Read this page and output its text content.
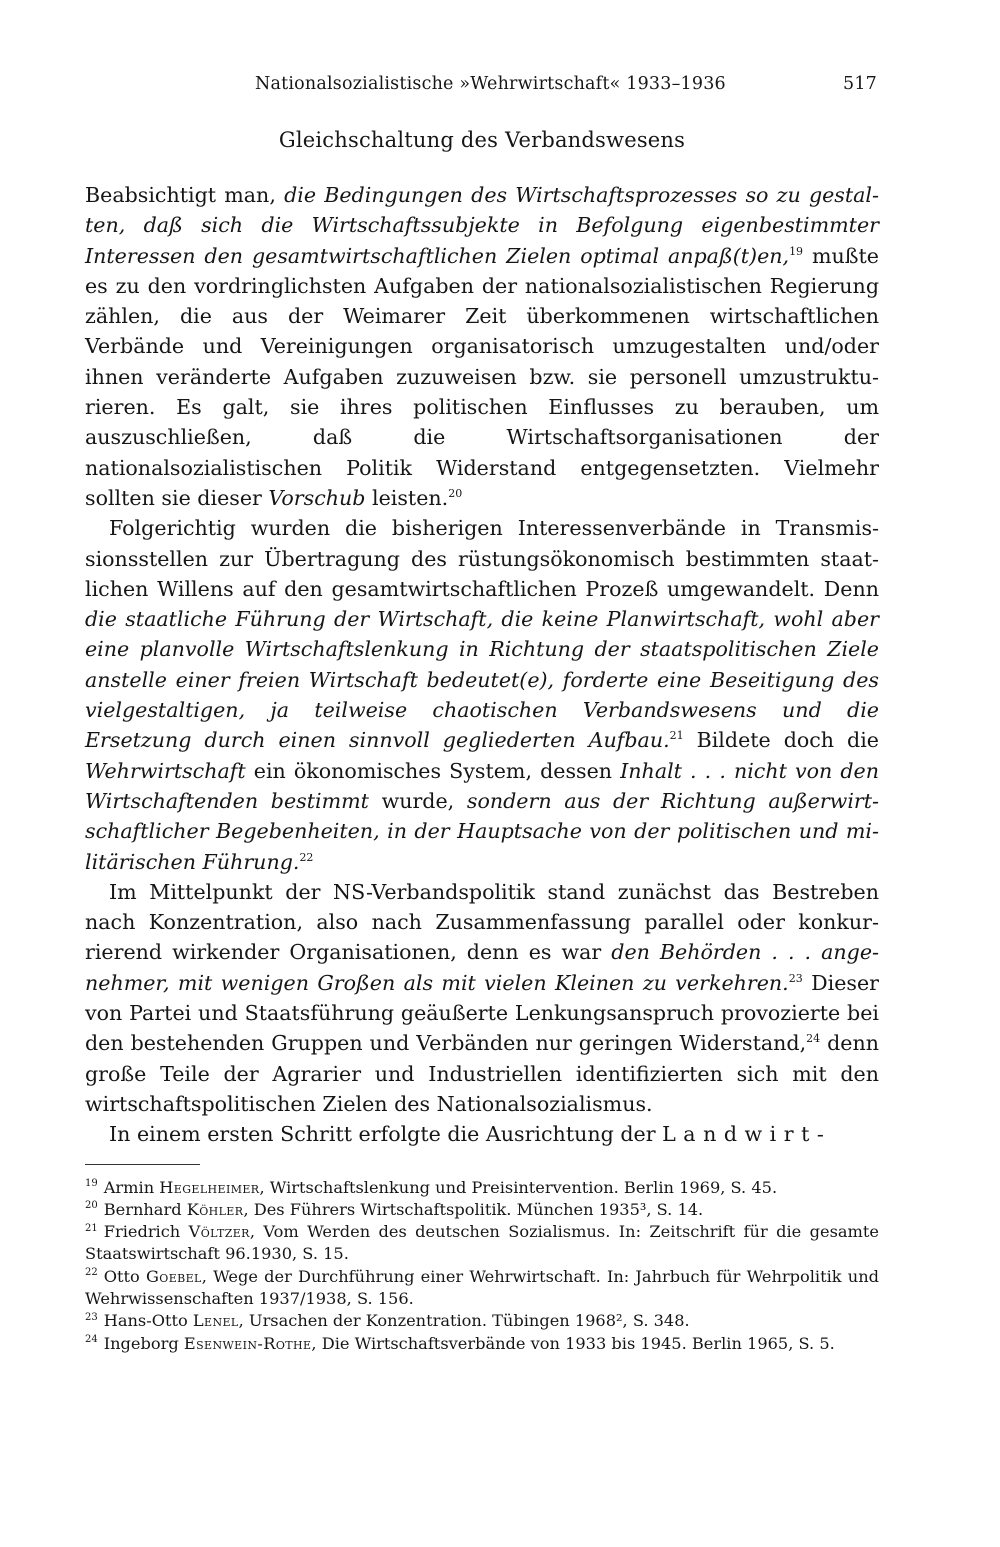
Nationalsozialistische »Wehrwirtschaft« 1933–1936	517
Gleichschaltung des Verbandswesens

Beabsichtigt man, die Bedingungen des Wirtschaftsprozesses so zu gestalten, daß sich die Wirtschaftssubjekte in Befolgung eigenbestimmter Interessen den gesamtwirtschaftlichen Zielen optimal anpaß(t)en,$^{19}$ mußte es zu den vordringlichsten Aufgaben der nationalsozialistischen Regierung zählen, die aus der Weimarer Zeit überkommenen wirtschaftlichen Verbände und Vereinigungen organisatorisch umzugestalten und/oder ihnen veränderte Aufgaben zuzuweisen bzw. sie personell umzustrukturieren. Es galt, sie ihres politischen Einflusses zu berauben, um auszuschließen, daß die Wirtschaftsorganisationen der nationalsozialistischen Politik Widerstand entgegensetzten. Vielmehr sollten sie dieser Vorschub leisten.$^{20}$

Folgerichtig wurden die bisherigen Interessenverbände in Transmissionsstellen zur Übertragung des rüstungsökonomisch bestimmten staatlichen Willens auf den gesamtwirtschaftlichen Prozeß umgewandelt. Denn die staatliche Führung der Wirtschaft, die keine Planwirtschaft, wohl aber eine planvolle Wirtschaftslenkung in Richtung der staatspolitischen Ziele anstelle einer freien Wirtschaft bedeutet(e), forderte eine Beseitigung des vielgestaltigen, ja teilweise chaotischen Verbandswesens und die Ersetzung durch einen sinnvoll gegliederten Aufbau.$^{21}$ Bildete doch die Wehrwirtschaft ein ökonomisches System, dessen Inhalt . . . nicht von den Wirtschaftenden bestimmt wurde, sondern aus der Richtung außerwirtschaftlicher Begebenheiten, in der Hauptsache von der politischen und militärischen Führung.$^{22}$

Im Mittelpunkt der NS-Verbandspolitik stand zunächst das Bestreben nach Konzentration, also nach Zusammenfassung parallel oder konkurrierend wirkender Organisationen, denn es war den Behörden . . . angenehmer, mit wenigen Großen als mit vielen Kleinen zu verkehren.$^{23}$ Dieser von Partei und Staatsführung geäußerte Lenkungsanspruch provozierte bei den bestehenden Gruppen und Verbänden nur geringen Widerstand,$^{24}$ denn große Teile der Agrarier und Industriellen identifizierten sich mit den wirtschaftspolitischen Zielen des Nationalsozialismus.

In einem ersten Schritt erfolgte die Ausrichtung der Landwirt-

$^{19}$ Armin Hegelheimer, Wirtschaftslenkung und Preisintervention. Berlin 1969, S. 45.
$^{20}$ Bernhard Köhler, Des Führers Wirtschaftspolitik. München 1935³, S. 14.
$^{21}$ Friedrich Völtzer, Vom Werden des deutschen Sozialismus. In: Zeitschrift für die gesamte Staatswirtschaft 96.1930, S. 15.
$^{22}$ Otto Goebel, Wege der Durchführung einer Wehrwirtschaft. In: Jahrbuch für Wehrpolitik und Wehrwissenschaften 1937/1938, S. 156.
$^{23}$ Hans-Otto Lenel, Ursachen der Konzentration. Tübingen 1968², S. 348.
$^{24}$ Ingeborg Esenwein-Rothe, Die Wirtschaftsverbände von 1933 bis 1945. Berlin 1965, S. 5.
